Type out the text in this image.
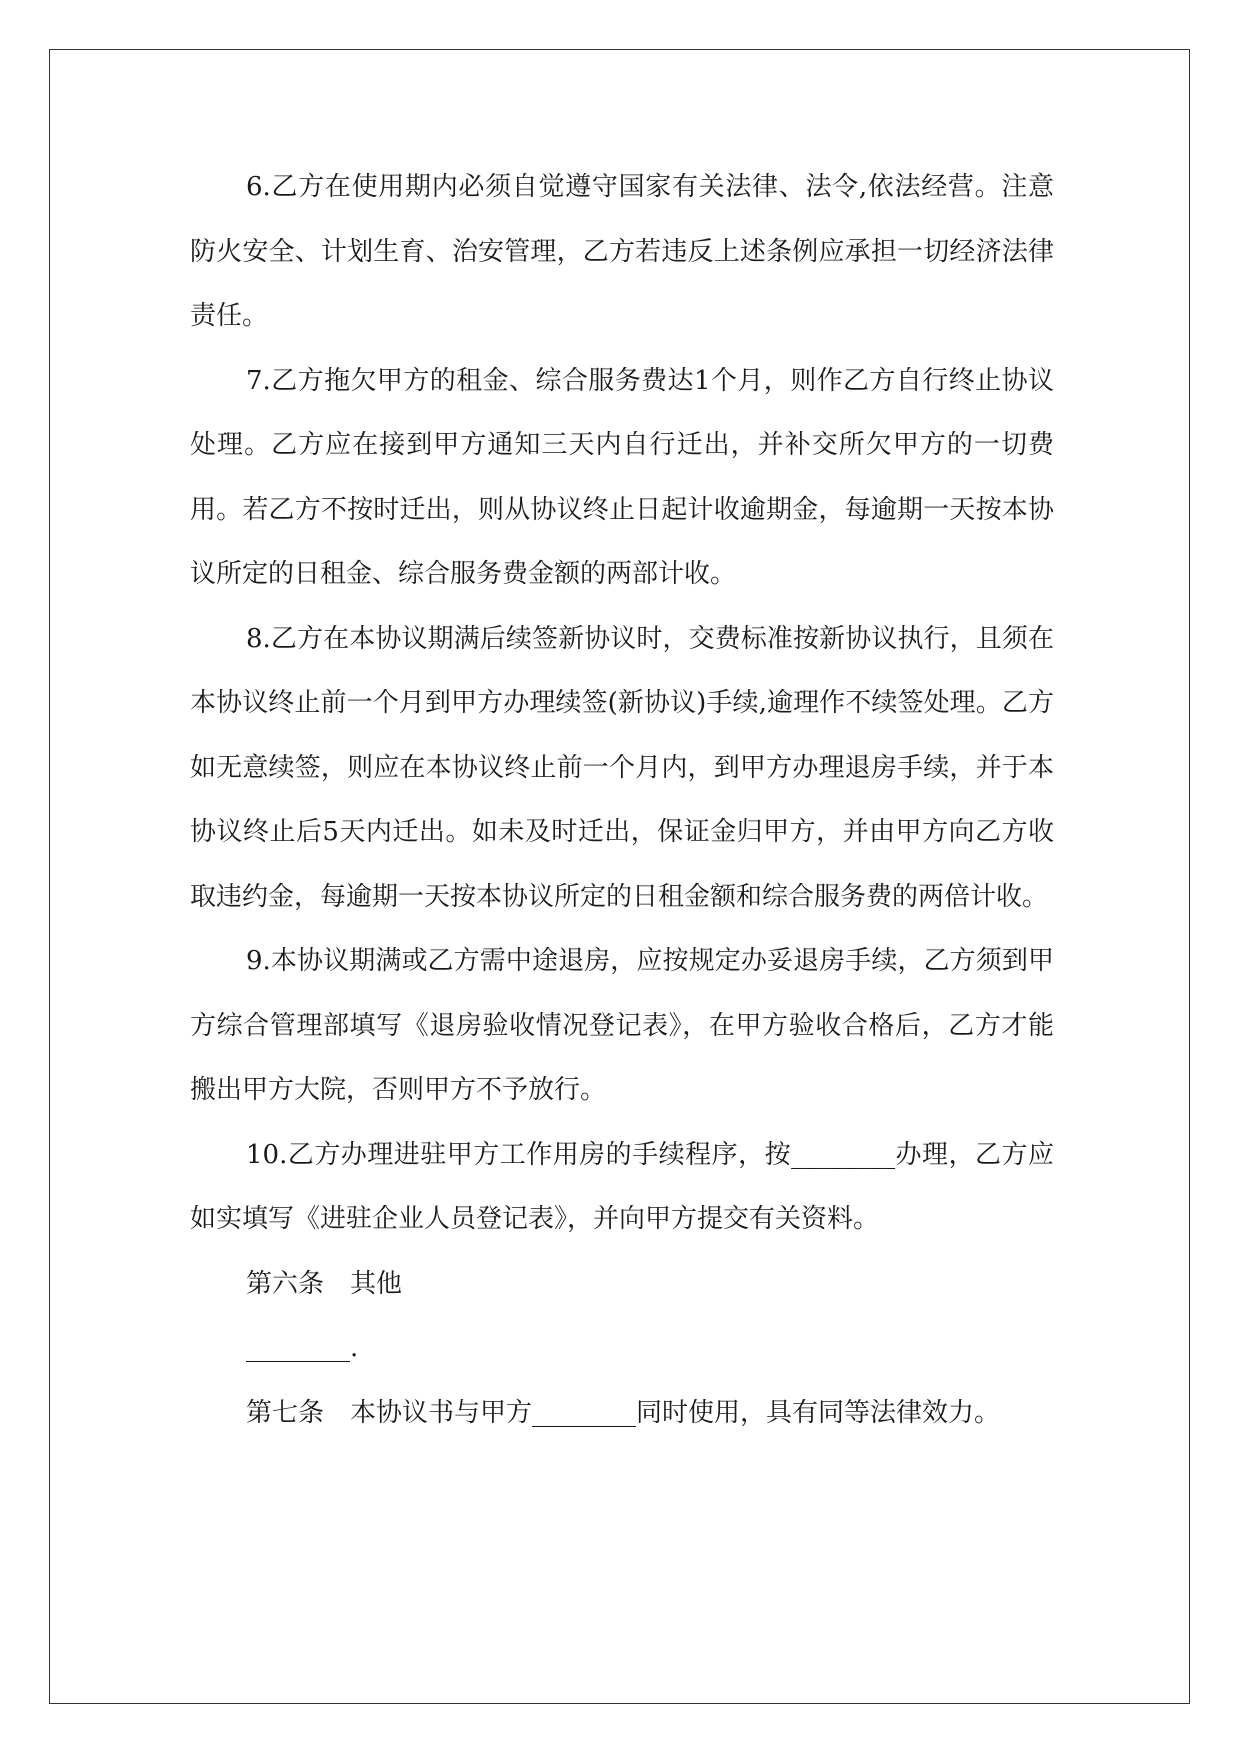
6.乙方在使用期内必须自觉遵守国家有关法律、法令,依法经营。注意防火安全、计划生育、治安管理，乙方若违反上述条例应承担一切经济法律责任。

7.乙方拖欠甲方的租金、综合服务费达1个月，则作乙方自行终止协议处理。乙方应在接到甲方通知三天内自行迁出，并补交所欠甲方的一切费用。若乙方不按时迁出，则从协议终止日起计收逾期金，每逾期一天按本协议所定的日租金、综合服务费金额的两部计收。

8.乙方在本协议期满后续签新协议时，交费标准按新协议执行，且须在本协议终止前一个月到甲方办理续签(新协议)手续,逾理作不续签处理。乙方如无意续签，则应在本协议终止前一个月内，到甲方办理退房手续，并于本协议终止后5天内迁出。如未及时迁出，保证金归甲方，并由甲方向乙方收取违约金，每逾期一天按本协议所定的日租金额和综合服务费的两倍计收。

9.本协议期满或乙方需中途退房，应按规定办妥退房手续，乙方须到甲方综合管理部填写《退房验收情况登记表》，在甲方验收合格后，乙方才能搬出甲方大院，否则甲方不予放行。

10.乙方办理进驻甲方工作用房的手续程序，按________办理，乙方应如实填写《进驻企业人员登记表》，并向甲方提交有关资料。

第六条　其他

________.

第七条　本协议书与甲方________同时使用，具有同等法律效力。
